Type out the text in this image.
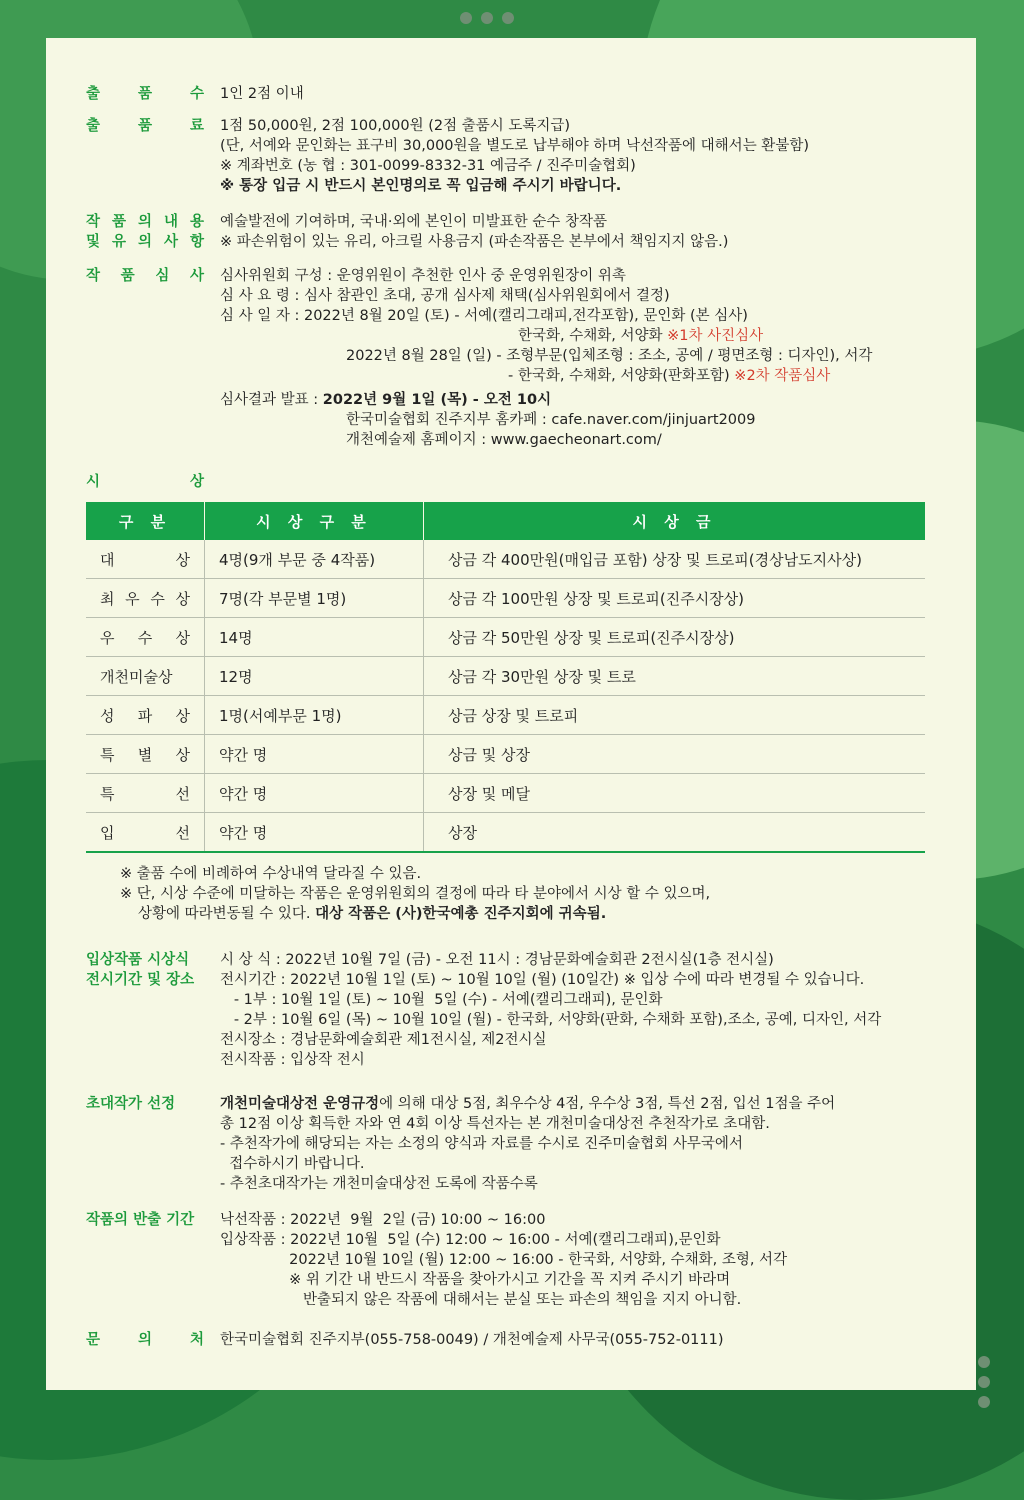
출	품	수 1인 2점 이내
출	품	료 1점 50,000원, 2점 100,000원 (2점 출품시 도록지급)
(단, 서예와 문인화는 표구비 30,000원을 별도로 납부해야 하며 낙선작품에 대해서는 환불함)
※ 계좌번호 (농 협 : 301-0099-8332-31 예금주 / 진주미술협회)
※ 통장 입금 시 반드시 본인명의로 꼭 입금해 주시기 바랍니다.
작 품 의 내 용
및 유 의 사 항
예술발전에 기여하며, 국내·외에 본인이 미발표한 순수 창작품
※ 파손위험이 있는 유리, 아크릴 사용금지 (파손작품은 본부에서 책임지지 않음.)
작 품 심 사 심사위원회 구성 : 운영위원이 추천한 인사 중 운영위원장이 위촉
심 사 요 령 : 심사 참관인 초대, 공개 심사제 채택(심사위원회에서 결정)
심 사 일 자 : 2022년 8월 20일 (토) - 서예(캘리그래피,전각포함), 문인화 (본 심사)
한국화, 수채화, 서양화 ※1차 사진심사
2022년 8월 28일 (일) - 조형부문(입체조형 : 조소, 공예 / 평면조형 : 디자인), 서각
- 한국화, 수채화, 서양화(판화포함) ※2차 작품심사
심사결과 발표 : 2022년 9월 1일 (목) - 오전 10시
한국미술협회 진주지부 홈카페 : cafe.naver.com/jinjuart2009
개천예술제 홈페이지 : www.gaecheonart.com/
시	상
구 분	시 상 구 분	시 상 금

대 상	4명(9개 부문 중 4작품)	상금 각 400만원(매입금 포함) 상장 및 트로피(경상남도지사상)

최 우 수 상	7명(각 부문별 1명)	상금 각 100만원 상장 및 트로피(진주시장상)

우 수 상	14명	상금 각 50만원 상장 및 트로피(진주시장상)
개천미술상	12명	상금 각 30만원 상장 및 트로

성 파 상	1명(서예부문 1명)	상금 상장 및 트로피

특 별 상	약간 명	상금 및 상장

특 선	약간 명	상장 및 메달

입 선	약간 명	상장
※ 출품 수에 비례하여 수상내역 달라질 수 있음.
※ 단, 시상 수준에 미달하는 작품은 운영위원회의 결정에 따라 타 분야에서 시상 할 수 있으며,
상황에 따라변동될 수 있다. 대상 작품은 (사)한국예총 진주지회에 귀속됨.
입상작품 시상식
전시기간 및 장소
시 상 식 : 2022년 10월 7일 (금) - 오전 11시 : 경남문화예술회관 2전시실(1층 전시실)
전시기간 : 2022년 10월 1일 (토) ~ 10월 10일 (월) (10일간) ※ 입상 수에 따라 변경될 수 있습니다.
- 1부 : 10월 1일 (토) ~ 10월  5일 (수) - 서예(캘리그래피), 문인화
- 2부 : 10월 6일 (목) ~ 10월 10일 (월) - 한국화, 서양화(판화, 수채화 포함),조소, 공예, 디자인, 서각
전시장소 : 경남문화예술회관 제1전시실, 제2전시실
전시작품 : 입상작 전시
초대작가 선정	개천미술대상전 운영규정에 의해 대상 5점, 최우수상 4점, 우수상 3점, 특선 2점, 입선 1점을 주어
총 12점 이상 획득한 자와 연 4회 이상 특선자는 본 개천미술대상전 추천작가로 초대함.
- 추천작가에 해당되는 자는 소정의 양식과 자료를 수시로 진주미술협회 사무국에서
접수하시기 바랍니다.
- 추천초대작가는 개천미술대상전 도록에 작품수록
작품의 반출 기간	낙선작품 : 2022년  9월  2일 (금) 10:00 ~ 16:00
입상작품 : 2022년 10월  5일 (수) 12:00 ~ 16:00 - 서예(캘리그래피),문인화
2022년 10월 10일 (월) 12:00 ~ 16:00 - 한국화, 서양화, 수채화, 조형, 서각
※ 위 기간 내 반드시 작품을 찾아가시고 기간을 꼭 지켜 주시기 바라며
반출되지 않은 작품에 대해서는 분실 또는 파손의 책임을 지지 아니함.
문	의	처 한국미술협회 진주지부(055-758-0049) / 개천예술제 사무국(055-752-0111)
